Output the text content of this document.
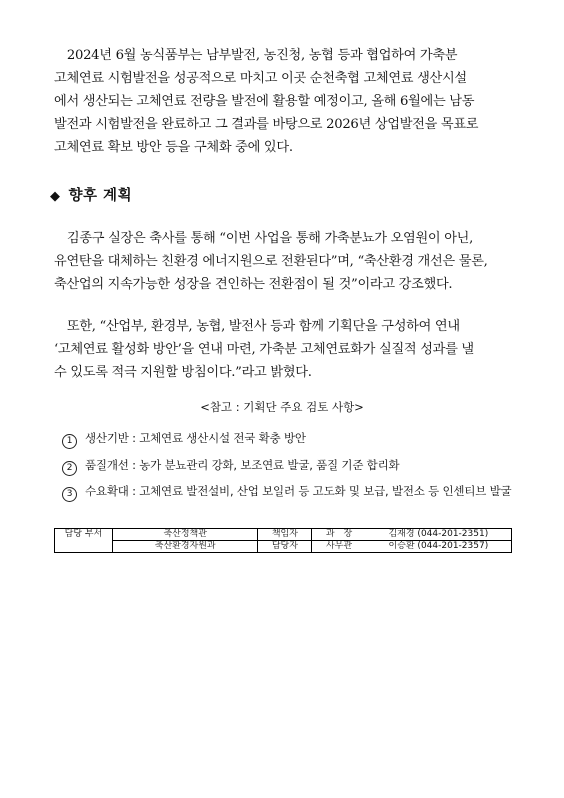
　2024년 6월 농식품부는 남부발전, 농진청, 농협 등과 협업하여 가축분
고체연료 시험발전을 성공적으로 마치고 이곳 순천축협 고체연료 생산시설
에서 생산되는 고체연료 전량을 발전에 활용할 예정이고, 올해 6월에는 남동
발전과 시험발전을 완료하고 그 결과를 바탕으로 2026년 상업발전을 목표로
고체연료 확보 방안 등을 구체화 중에 있다.
◆ 향후 계획
　김종구 실장은 축사를 통해 “이번 사업을 통해 가축분뇨가 오염원이 아닌,
유연탄을 대체하는 친환경 에너지원으로 전환된다”며, “축산환경 개선은 물론,
축산업의 지속가능한 성장을 견인하는 전환점이 될 것”이라고 강조했다.
　또한, “산업부, 환경부, 농협, 발전사 등과 함께 기획단을 구성하여 연내
‘고체연료 활성화 방안’을 연내 마련, 가축분 고체연료화가 실질적 성과를 낼
수 있도록 적극 지원할 방침이다.”라고 밝혔다.
<참고 : 기획단 주요 검토 사항>
1 생산기반 : 고체연료 생산시설 전국 확충 방안
2 품질개선 : 농가 분뇨관리 강화, 보조연료 발굴, 품질 기준 합리화
3 수요확대 : 고체연료 발전설비, 산업 보일러 등 고도화 및 보급, 발전소 등 인센티브 발굴
담당 부서	축산정책관	책임자	과　장	김재경 (044-201-2351)
	축산환경자원과	담당자	사무관	이승환 (044-201-2357)
